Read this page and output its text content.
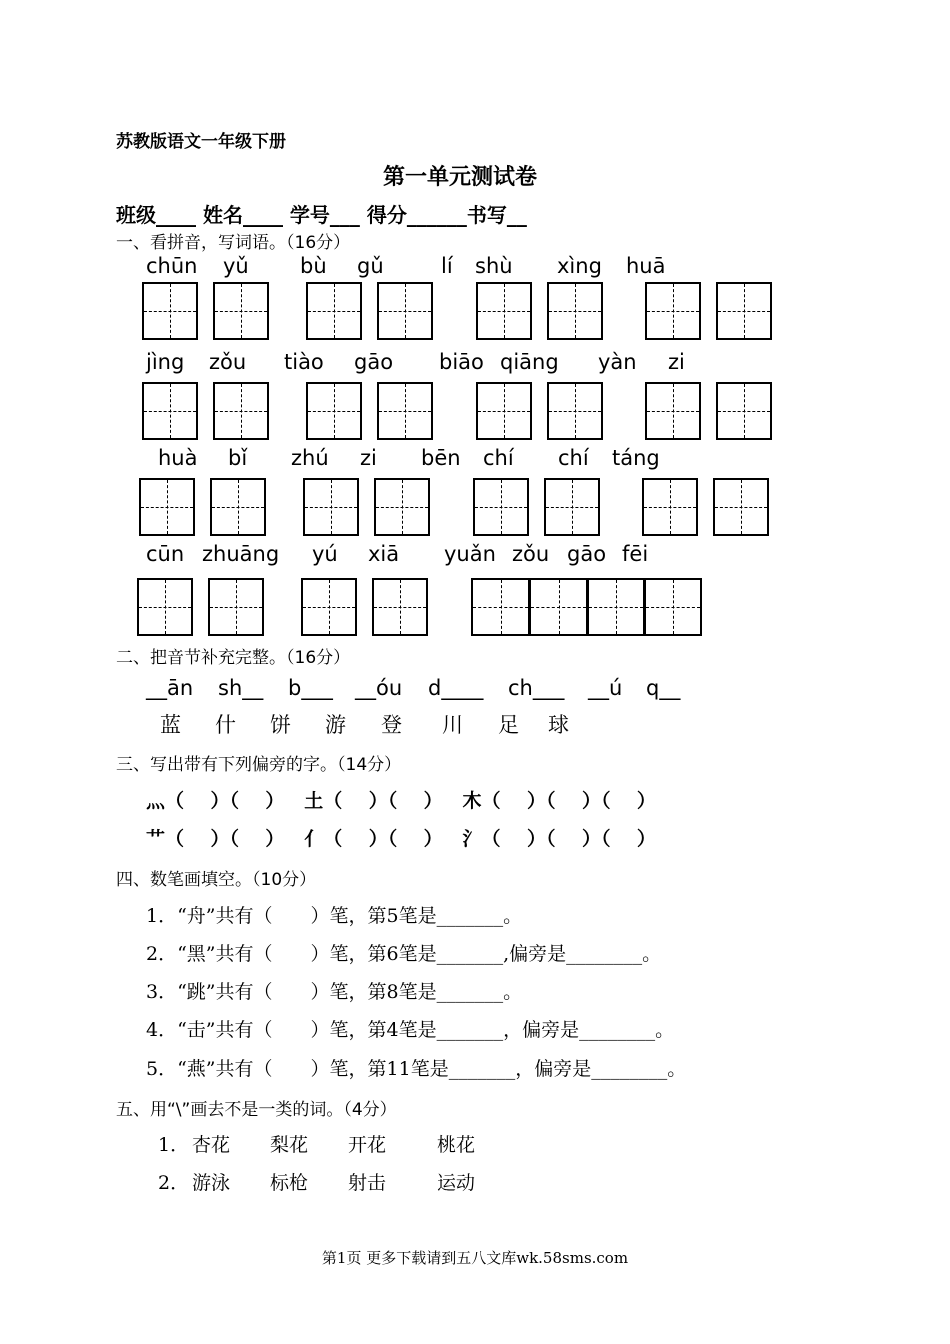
苏教版语文一年级下册
第一单元测试卷
班级____ 姓名____ 学号___ 得分______书写__
一、看拼音，写词语。（16分）
chūn yǔ bù gǔ	lí shù xìng huā
jìng zǒu tiào gāo biāo qiāng yàn zi
huà bǐ zhú zi bēn chí chí táng
cūn zhuāng yú xiā yuǎn zǒu gāo fēi
二、把音节补充完整。（16分）
__ān sh__ b___ __óu d____ ch___ __ú q__
蓝 什 饼 游 登 川 足 球
三、写出带有下列偏旁的字。（14分）
灬（    ）（    ）   土（    ）（    ）   木（    ）（    ）（    ）
艹（    ）（    ）   亻（    ）（    ）   氵（    ）（    ）（    ）
四、数笔画填空。（10分）
1．“舟”共有（　　）笔，第5笔是_______。
2．“黑”共有（　　）笔，第6笔是_______,偏旁是________。
3．“跳”共有（　　）笔，第8笔是_______。
4．“击”共有（　　）笔，第4笔是_______，偏旁是________。
5．“燕”共有（　　）笔，第11笔是_______，偏旁是________。
五、用“\”画去不是一类的词。（4分）
1． 杏花 梨花 开花	桃花
2． 游泳 标枪 射击	运动
第1页 更多下载请到五八文库wk.58sms.com
